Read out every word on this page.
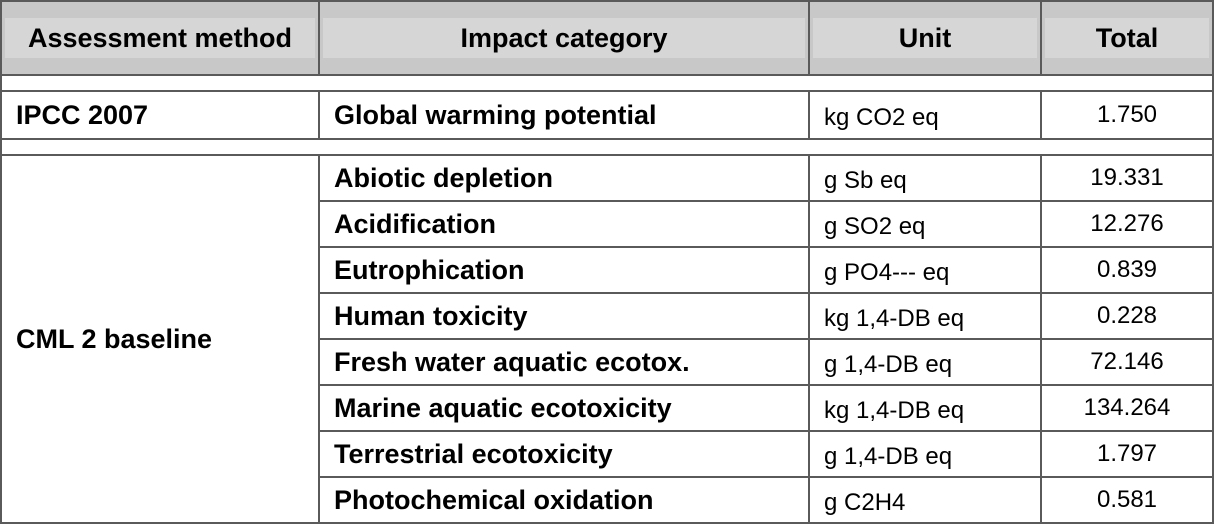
Assessment method	Impact category	Unit	Total

IPCC 2007	Global warming potential	kg CO2 eq	1.750

CML 2 baseline	Abiotic depletion	g Sb eq	19.331
	Acidification	g SO2 eq	12.276
	Eutrophication	g PO4--- eq	0.839
	Human toxicity	kg 1,4-DB eq	0.228
	Fresh water aquatic ecotox.	g 1,4-DB eq	72.146
	Marine aquatic ecotoxicity	kg 1,4-DB eq	134.264
	Terrestrial ecotoxicity	g 1,4-DB eq	1.797
	Photochemical oxidation	g C2H4	0.581
